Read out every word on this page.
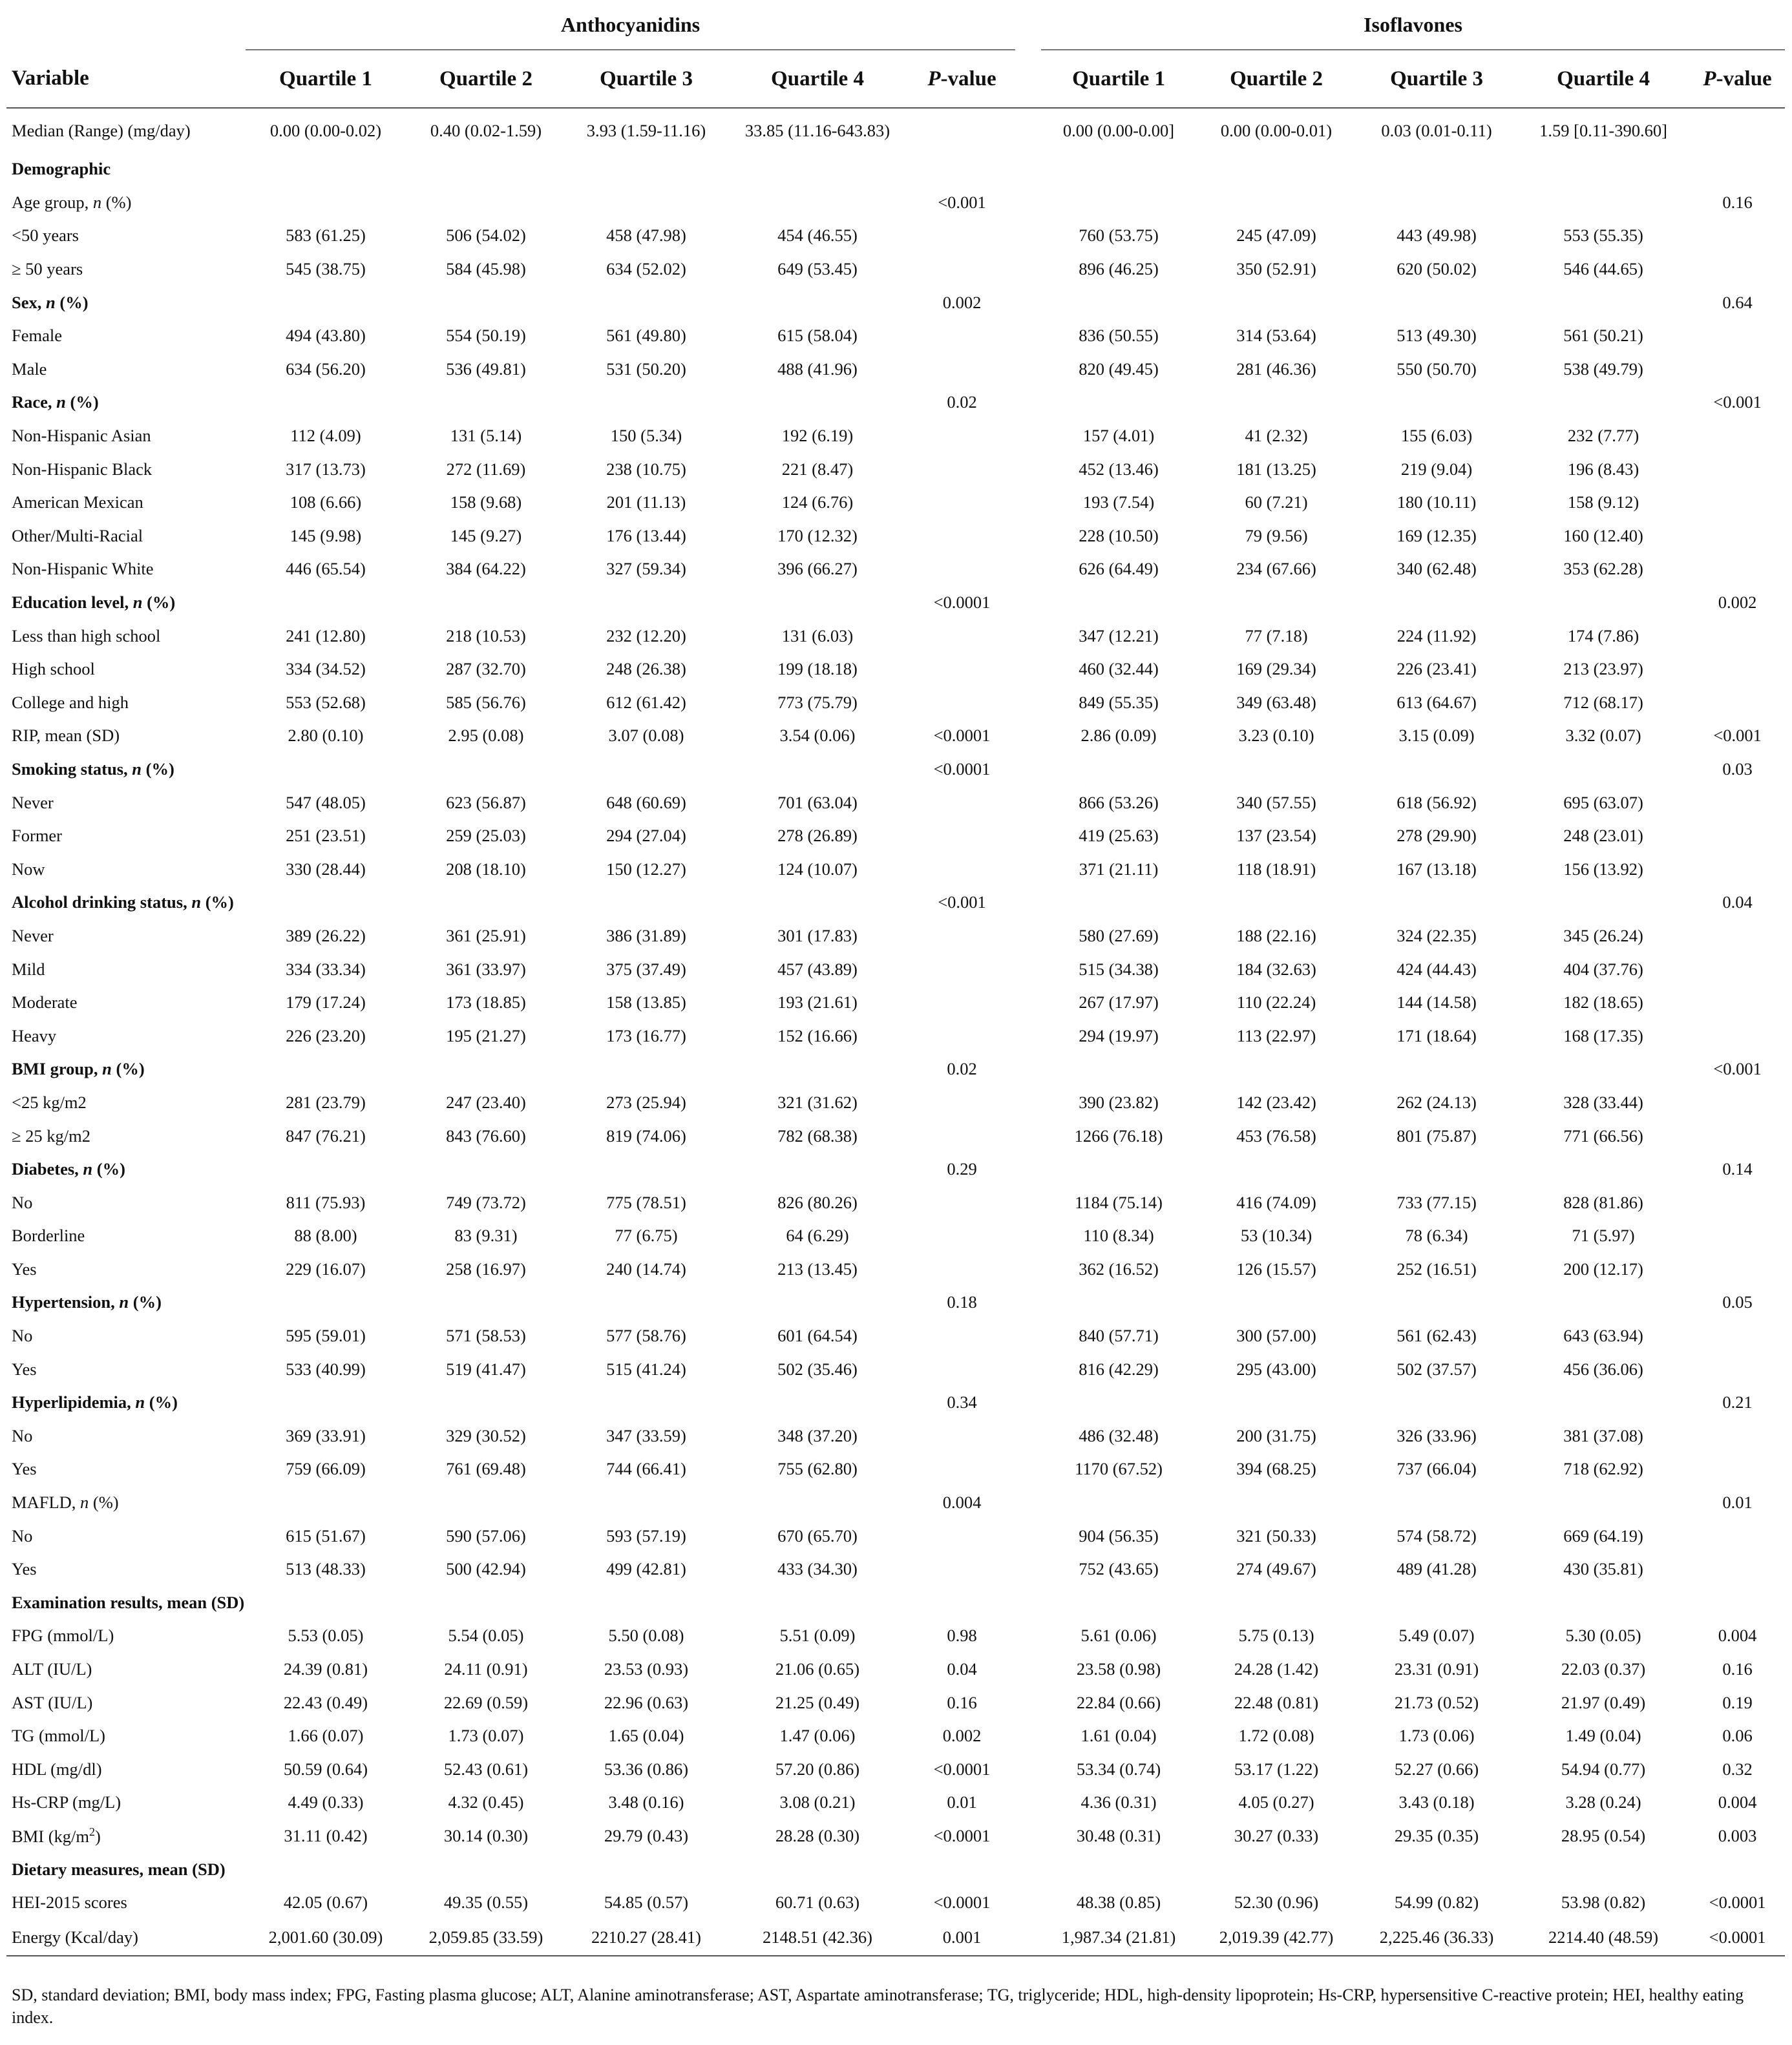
	Anthocyanidins						Isoflavones				
Variable	Quartile 1	Quartile 2	Quartile 3	Quartile 4	P-value		Quartile 1	Quartile 2	Quartile 3	Quartile 4	P-value
Median (Range) (mg/day)	0.00 (0.00-0.02)	0.40 (0.02-1.59)	3.93 (1.59-11.16)	33.85 (11.16-643.83)			0.00 (0.00-0.00]	0.00 (0.00-0.01)	0.03 (0.01-0.11)	1.59 [0.11-390.60]	
Demographic											
Age group, n (%)					<0.001						0.16
<50 years	583 (61.25)	506 (54.02)	458 (47.98)	454 (46.55)			760 (53.75)	245 (47.09)	443 (49.98)	553 (55.35)	
≥ 50 years	545 (38.75)	584 (45.98)	634 (52.02)	649 (53.45)			896 (46.25)	350 (52.91)	620 (50.02)	546 (44.65)	
Sex, n (%)					0.002						0.64
Female	494 (43.80)	554 (50.19)	561 (49.80)	615 (58.04)			836 (50.55)	314 (53.64)	513 (49.30)	561 (50.21)	
Male	634 (56.20)	536 (49.81)	531 (50.20)	488 (41.96)			820 (49.45)	281 (46.36)	550 (50.70)	538 (49.79)	
Race, n (%)					0.02						<0.001
Non-Hispanic Asian	112 (4.09)	131 (5.14)	150 (5.34)	192 (6.19)			157 (4.01)	41 (2.32)	155 (6.03)	232 (7.77)	
Non-Hispanic Black	317 (13.73)	272 (11.69)	238 (10.75)	221 (8.47)			452 (13.46)	181 (13.25)	219 (9.04)	196 (8.43)	
American Mexican	108 (6.66)	158 (9.68)	201 (11.13)	124 (6.76)			193 (7.54)	60 (7.21)	180 (10.11)	158 (9.12)	
Other/Multi-Racial	145 (9.98)	145 (9.27)	176 (13.44)	170 (12.32)			228 (10.50)	79 (9.56)	169 (12.35)	160 (12.40)	
Non-Hispanic White	446 (65.54)	384 (64.22)	327 (59.34)	396 (66.27)			626 (64.49)	234 (67.66)	340 (62.48)	353 (62.28)	
Education level, n (%)					<0.0001						0.002
Less than high school	241 (12.80)	218 (10.53)	232 (12.20)	131 (6.03)			347 (12.21)	77 (7.18)	224 (11.92)	174 (7.86)	
High school	334 (34.52)	287 (32.70)	248 (26.38)	199 (18.18)			460 (32.44)	169 (29.34)	226 (23.41)	213 (23.97)	
College and high	553 (52.68)	585 (56.76)	612 (61.42)	773 (75.79)			849 (55.35)	349 (63.48)	613 (64.67)	712 (68.17)	
RIP, mean (SD)	2.80 (0.10)	2.95 (0.08)	3.07 (0.08)	3.54 (0.06)	<0.0001		2.86 (0.09)	3.23 (0.10)	3.15 (0.09)	3.32 (0.07)	<0.001
Smoking status, n (%)					<0.0001						0.03
Never	547 (48.05)	623 (56.87)	648 (60.69)	701 (63.04)			866 (53.26)	340 (57.55)	618 (56.92)	695 (63.07)	
Former	251 (23.51)	259 (25.03)	294 (27.04)	278 (26.89)			419 (25.63)	137 (23.54)	278 (29.90)	248 (23.01)	
Now	330 (28.44)	208 (18.10)	150 (12.27)	124 (10.07)			371 (21.11)	118 (18.91)	167 (13.18)	156 (13.92)	
Alcohol drinking status, n (%)					<0.001						0.04
Never	389 (26.22)	361 (25.91)	386 (31.89)	301 (17.83)			580 (27.69)	188 (22.16)	324 (22.35)	345 (26.24)	
Mild	334 (33.34)	361 (33.97)	375 (37.49)	457 (43.89)			515 (34.38)	184 (32.63)	424 (44.43)	404 (37.76)	
Moderate	179 (17.24)	173 (18.85)	158 (13.85)	193 (21.61)			267 (17.97)	110 (22.24)	144 (14.58)	182 (18.65)	
Heavy	226 (23.20)	195 (21.27)	173 (16.77)	152 (16.66)			294 (19.97)	113 (22.97)	171 (18.64)	168 (17.35)	
BMI group, n (%)					0.02						<0.001
<25 kg/m2	281 (23.79)	247 (23.40)	273 (25.94)	321 (31.62)			390 (23.82)	142 (23.42)	262 (24.13)	328 (33.44)	
≥ 25 kg/m2	847 (76.21)	843 (76.60)	819 (74.06)	782 (68.38)			1266 (76.18)	453 (76.58)	801 (75.87)	771 (66.56)	
Diabetes, n (%)					0.29						0.14
No	811 (75.93)	749 (73.72)	775 (78.51)	826 (80.26)			1184 (75.14)	416 (74.09)	733 (77.15)	828 (81.86)	
Borderline	88 (8.00)	83 (9.31)	77 (6.75)	64 (6.29)			110 (8.34)	53 (10.34)	78 (6.34)	71 (5.97)	
Yes	229 (16.07)	258 (16.97)	240 (14.74)	213 (13.45)			362 (16.52)	126 (15.57)	252 (16.51)	200 (12.17)	
Hypertension, n (%)					0.18						0.05
No	595 (59.01)	571 (58.53)	577 (58.76)	601 (64.54)			840 (57.71)	300 (57.00)	561 (62.43)	643 (63.94)	
Yes	533 (40.99)	519 (41.47)	515 (41.24)	502 (35.46)			816 (42.29)	295 (43.00)	502 (37.57)	456 (36.06)	
Hyperlipidemia, n (%)					0.34						0.21
No	369 (33.91)	329 (30.52)	347 (33.59)	348 (37.20)			486 (32.48)	200 (31.75)	326 (33.96)	381 (37.08)	
Yes	759 (66.09)	761 (69.48)	744 (66.41)	755 (62.80)			1170 (67.52)	394 (68.25)	737 (66.04)	718 (62.92)	
MAFLD, n (%)					0.004						0.01
No	615 (51.67)	590 (57.06)	593 (57.19)	670 (65.70)			904 (56.35)	321 (50.33)	574 (58.72)	669 (64.19)	
Yes	513 (48.33)	500 (42.94)	499 (42.81)	433 (34.30)			752 (43.65)	274 (49.67)	489 (41.28)	430 (35.81)	
Examination results, mean (SD)											
FPG (mmol/L)	5.53 (0.05)	5.54 (0.05)	5.50 (0.08)	5.51 (0.09)	0.98		5.61 (0.06)	5.75 (0.13)	5.49 (0.07)	5.30 (0.05)	0.004
ALT (IU/L)	24.39 (0.81)	24.11 (0.91)	23.53 (0.93)	21.06 (0.65)	0.04		23.58 (0.98)	24.28 (1.42)	23.31 (0.91)	22.03 (0.37)	0.16
AST (IU/L)	22.43 (0.49)	22.69 (0.59)	22.96 (0.63)	21.25 (0.49)	0.16		22.84 (0.66)	22.48 (0.81)	21.73 (0.52)	21.97 (0.49)	0.19
TG (mmol/L)	1.66 (0.07)	1.73 (0.07)	1.65 (0.04)	1.47 (0.06)	0.002		1.61 (0.04)	1.72 (0.08)	1.73 (0.06)	1.49 (0.04)	0.06
HDL (mg/dl)	50.59 (0.64)	52.43 (0.61)	53.36 (0.86)	57.20 (0.86)	<0.0001		53.34 (0.74)	53.17 (1.22)	52.27 (0.66)	54.94 (0.77)	0.32
Hs-CRP (mg/L)	4.49 (0.33)	4.32 (0.45)	3.48 (0.16)	3.08 (0.21)	0.01		4.36 (0.31)	4.05 (0.27)	3.43 (0.18)	3.28 (0.24)	0.004
BMI $(kg/m^2)$	31.11 (0.42)	30.14 (0.30)	29.79 (0.43)	28.28 (0.30)	<0.0001		30.48 (0.31)	30.27 (0.33)	29.35 (0.35)	28.95 (0.54)	0.003
Dietary measures, mean (SD)											
HEI-2015 scores	42.05 (0.67)	49.35 (0.55)	54.85 (0.57)	60.71 (0.63)	<0.0001		48.38 (0.85)	52.30 (0.96)	54.99 (0.82)	53.98 (0.82)	<0.0001
Energy (Kcal/day)	2,001.60 (30.09)	2,059.85 (33.59)	2210.27 (28.41)	2148.51 (42.36)	0.001		1,987.34 (21.81)	2,019.39 (42.77)	2,225.46 (36.33)	2214.40 (48.59)	<0.0001
SD, standard deviation; BMI, body mass index; FPG, Fasting plasma glucose; ALT, Alanine aminotransferase; AST, Aspartate aminotransferase; TG, triglyceride; HDL, high-density lipoprotein; Hs-CRP, hypersensitive C-reactive protein; HEI, healthy eating index.
